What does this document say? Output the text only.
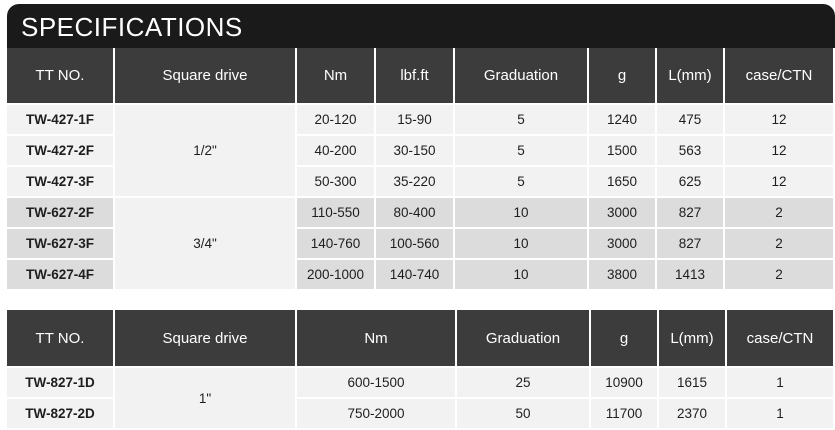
SPECIFICATIONS
TT NO.	Square drive	Nm	lbf.ft	Graduation	g	L(mm)	case/CTN
TW-427-1F	1/2"	20-120	15-90	5	1240	475	12
TW-427-2F		40-200	30-150	5	1500	563	12
TW-427-3F		50-300	35-220	5	1650	625	12
TW-627-2F	3/4"	110-550	80-400	10	3000	827	2
TW-627-3F		140-760	100-560	10	3000	827	2
TW-627-4F		200-1000	140-740	10	3800	1413	2
TT NO.	Square drive	Nm	Graduation	g	L(mm)	case/CTN
TW-827-1D	1"	600-1500	25	10900	1615	1
TW-827-2D		750-2000	50	11700	2370	1
